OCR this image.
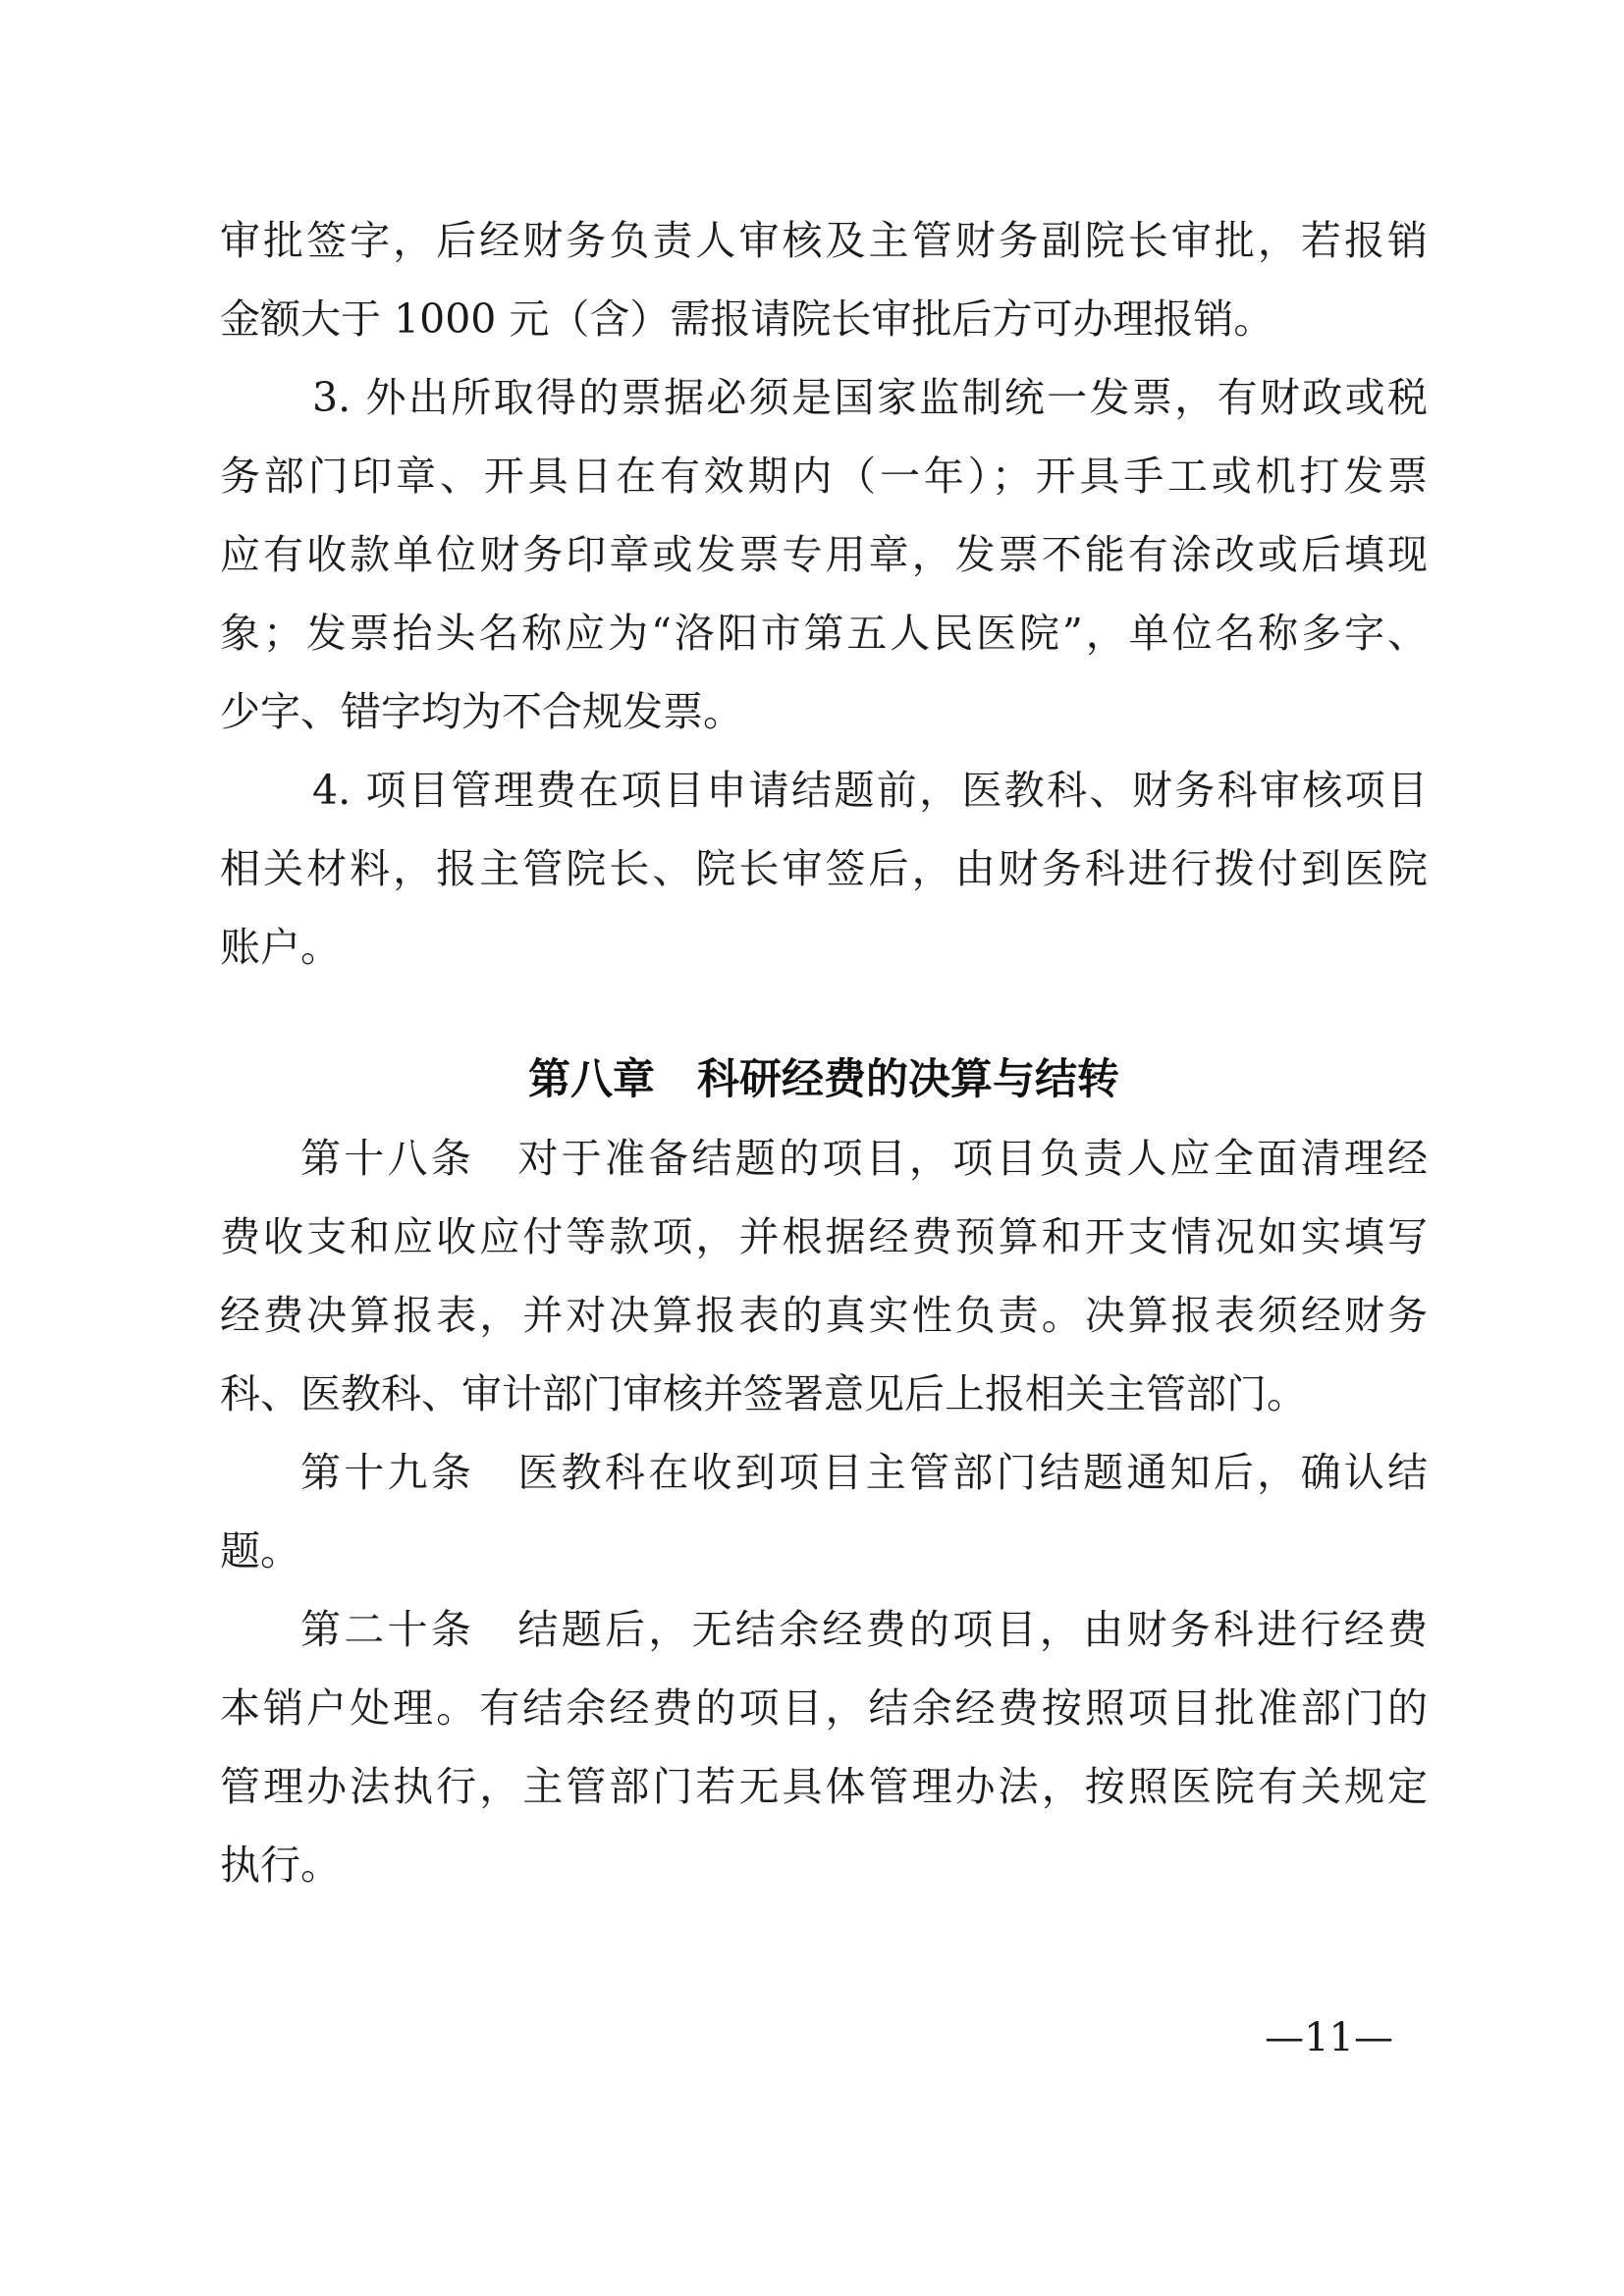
审批签字，后经财务负责人审核及主管财务副院长审批，若报销
金额大于 1000 元（含）需报请院长审批后方可办理报销。
3. 外出所取得的票据必须是国家监制统一发票，有财政或税
务部门印章、开具日在有效期内（一年）；开具手工或机打发票
应有收款单位财务印章或发票专用章，发票不能有涂改或后填现
象；发票抬头名称应为“洛阳市第五人民医院”，单位名称多字、
少字、错字均为不合规发票。
4. 项目管理费在项目申请结题前，医教科、财务科审核项目
相关材料，报主管院长、院长审签后，由财务科进行拨付到医院
账户。
第八章　科研经费的决算与结转
第十八条　对于准备结题的项目，项目负责人应全面清理经
费收支和应收应付等款项，并根据经费预算和开支情况如实填写
经费决算报表，并对决算报表的真实性负责。决算报表须经财务
科、医教科、审计部门审核并签署意见后上报相关主管部门。
第十九条　医教科在收到项目主管部门结题通知后，确认结
题。
第二十条　结题后，无结余经费的项目，由财务科进行经费
本销户处理。有结余经费的项目，结余经费按照项目批准部门的
管理办法执行，主管部门若无具体管理办法，按照医院有关规定
执行。
—11—
